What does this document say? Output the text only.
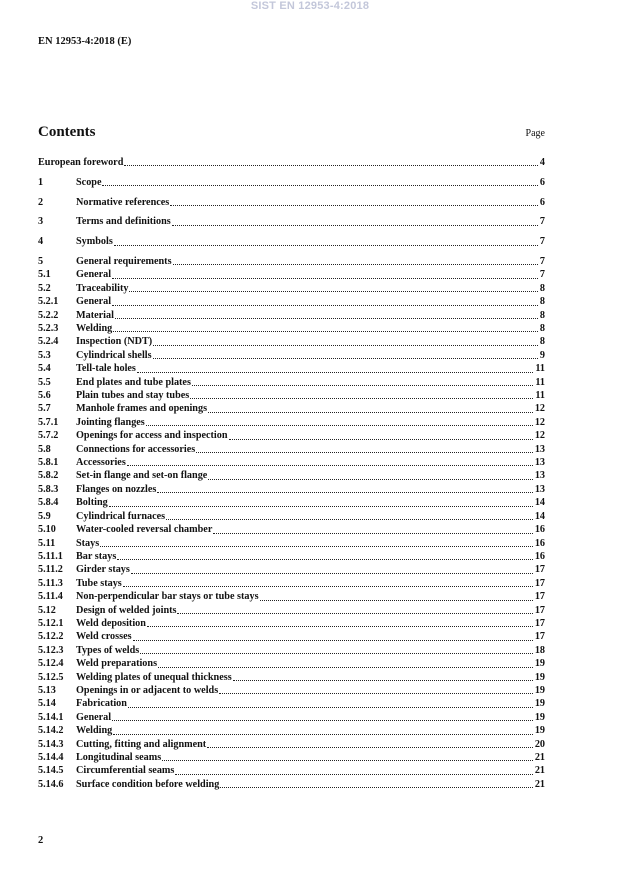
SIST EN 12953-4:2018
EN 12953-4:2018 (E)
Contents	Page
European foreword	4
1	Scope	6
2	Normative references	6
3	Terms and definitions	7
4	Symbols	7
5	General requirements	7
5.1	General	7
5.2	Traceability	8
5.2.1	General	8
5.2.2	Material	8
5.2.3	Welding	8
5.2.4	Inspection (NDT)	8
5.3	Cylindrical shells	9
5.4	Tell-tale holes	11
5.5	End plates and tube plates	11
5.6	Plain tubes and stay tubes	11
5.7	Manhole frames and openings	12
5.7.1	Jointing flanges	12
5.7.2	Openings for access and inspection	12
5.8	Connections for accessories	13
5.8.1	Accessories	13
5.8.2	Set-in flange and set-on flange	13
5.8.3	Flanges on nozzles	13
5.8.4	Bolting	14
5.9	Cylindrical furnaces	14
5.10	Water-cooled reversal chamber	16
5.11	Stays	16
5.11.1	Bar stays	16
5.11.2	Girder stays	17
5.11.3	Tube stays	17
5.11.4	Non-perpendicular bar stays or tube stays	17
5.12	Design of welded joints	17
5.12.1	Weld deposition	17
5.12.2	Weld crosses	17
5.12.3	Types of welds	18
5.12.4	Weld preparations	19
5.12.5	Welding plates of unequal thickness	19
5.13	Openings in or adjacent to welds	19
5.14	Fabrication	19
5.14.1	General	19
5.14.2	Welding	19
5.14.3	Cutting, fitting and alignment	20
5.14.4	Longitudinal seams	21
5.14.5	Circumferential seams	21
5.14.6	Surface condition before welding	21
2
